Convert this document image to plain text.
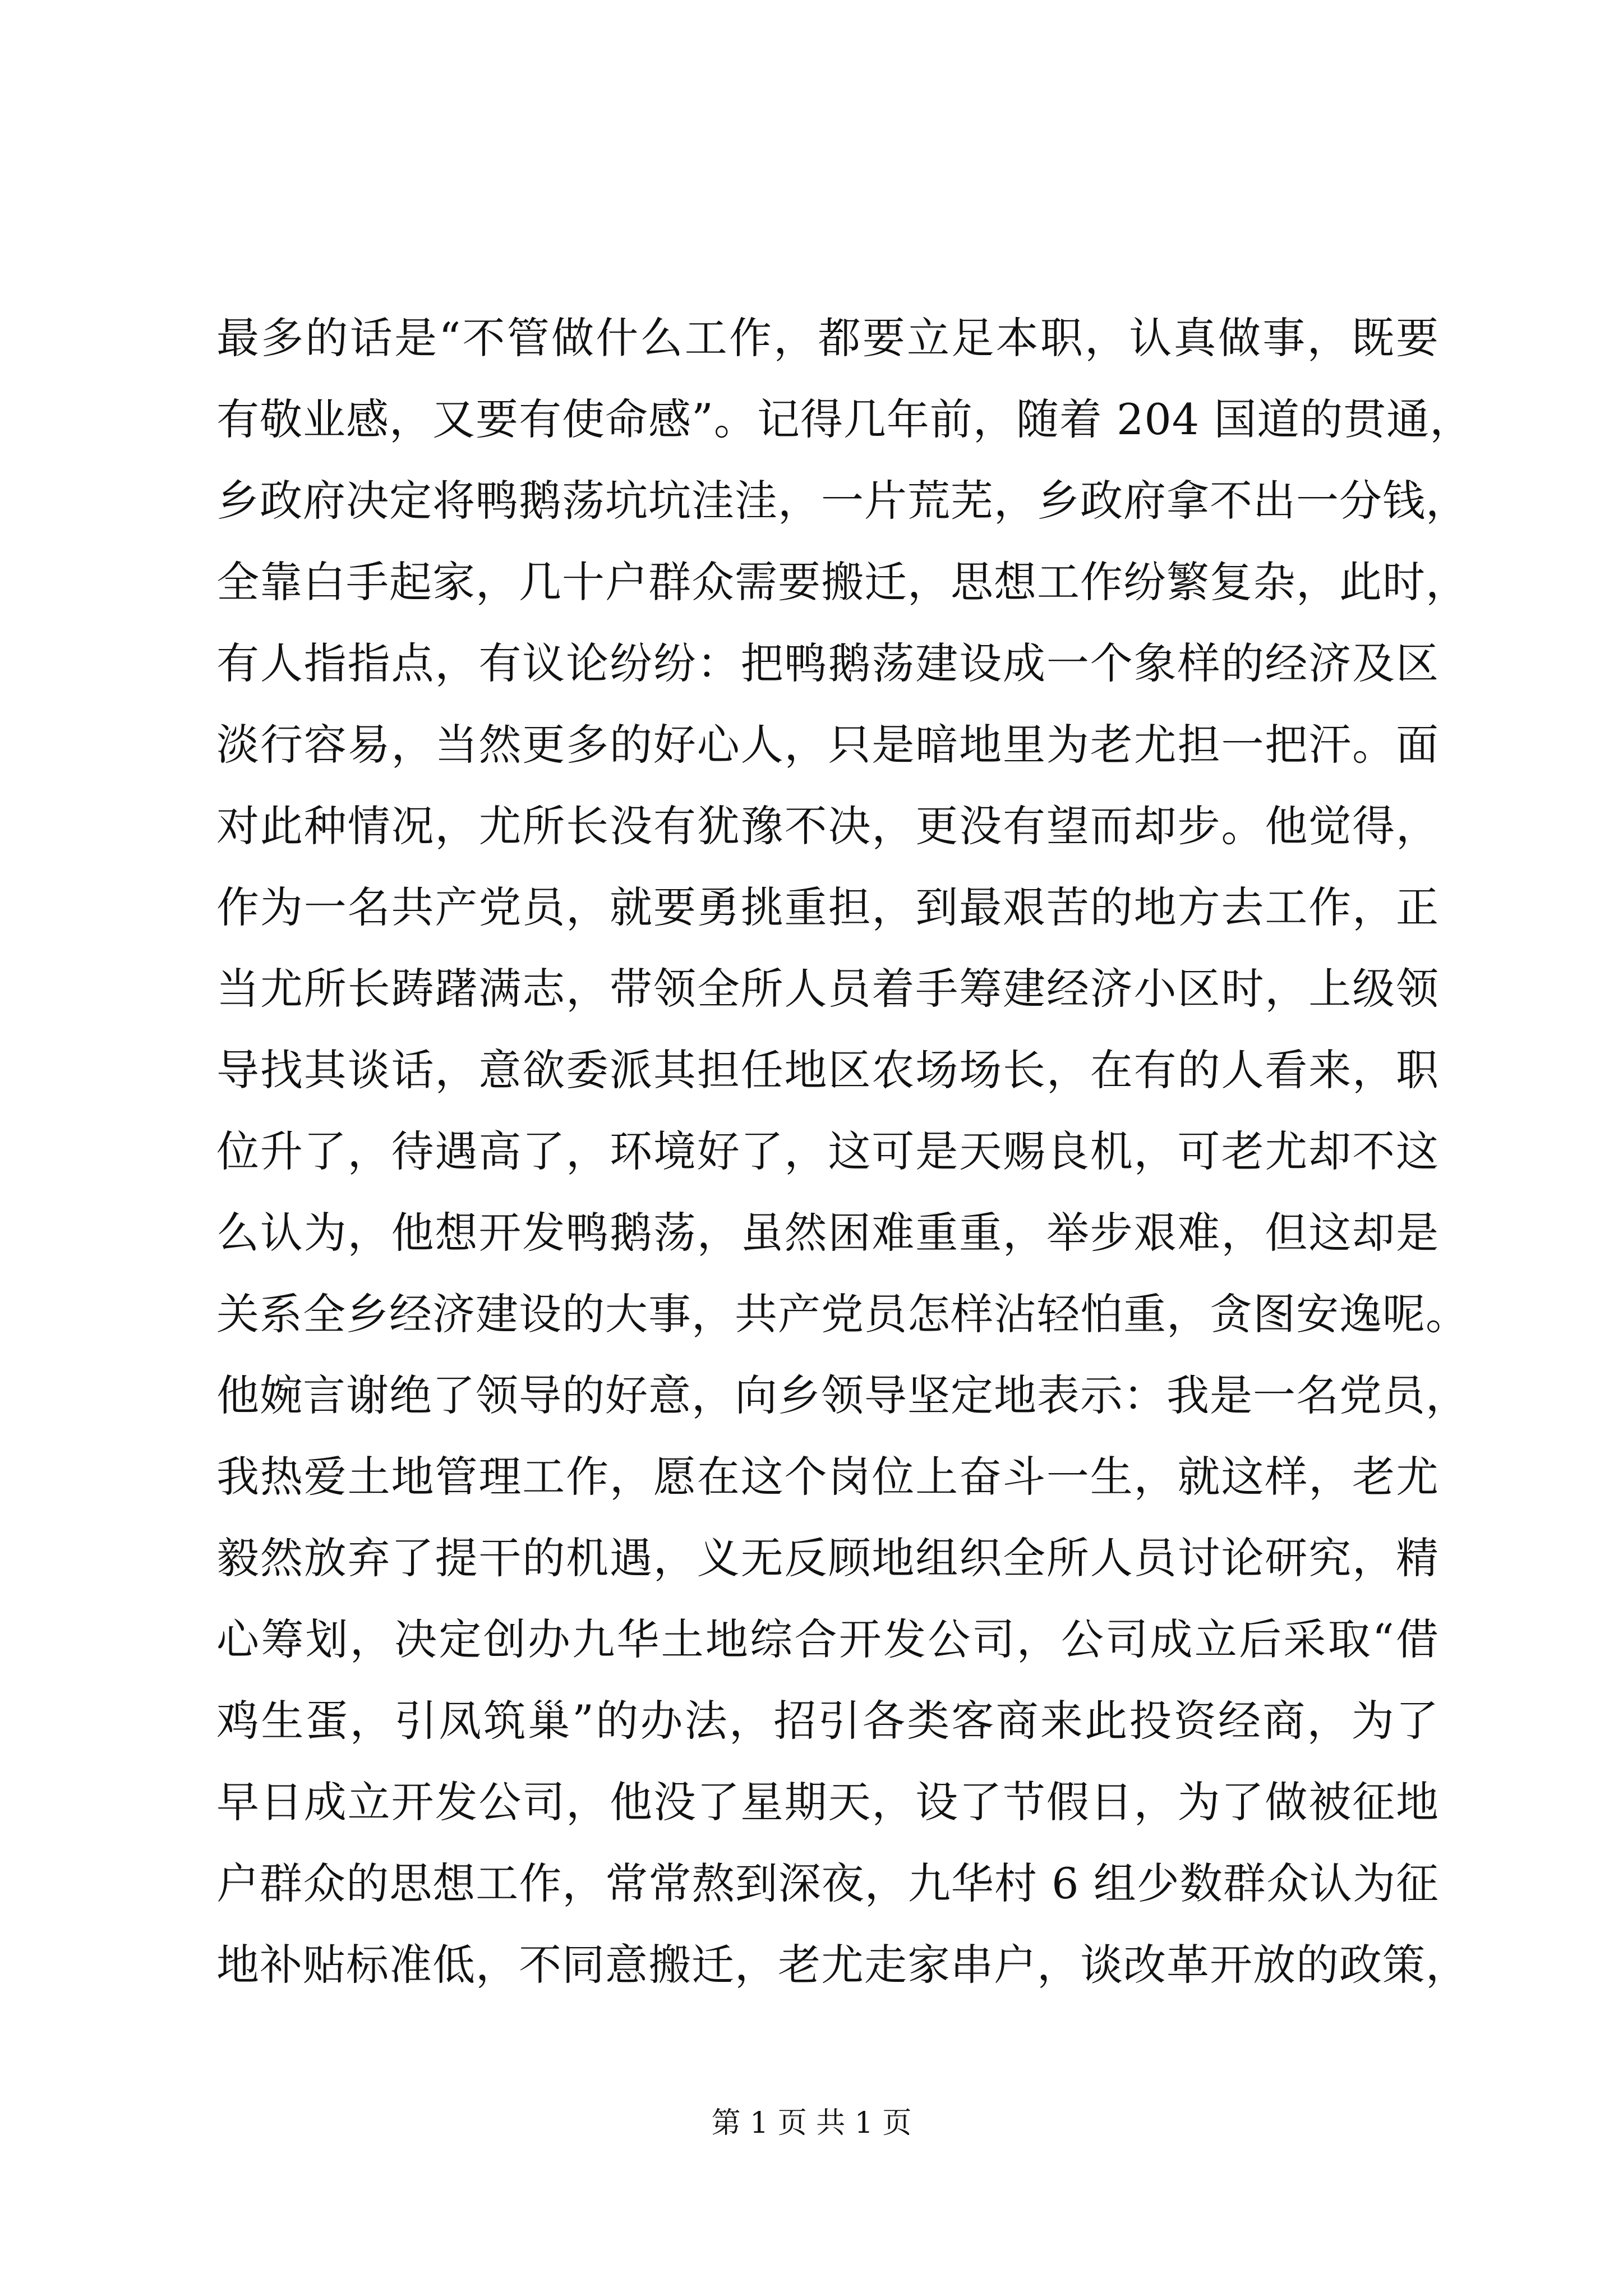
最多的话是“不管做什么工作，都要立足本职，认真做事，既要
有敬业感，又要有使命感”。记得几年前，随着 204 国道的贯通，
乡政府决定将鸭鹅荡坑坑洼洼，一片荒芜，乡政府拿不出一分钱，
全靠白手起家，几十户群众需要搬迁，思想工作纷繁复杂，此时，
有人指指点，有议论纷纷：把鸭鹅荡建设成一个象样的经济及区
淡行容易，当然更多的好心人，只是暗地里为老尤担一把汗。面
对此种情况，尤所长没有犹豫不决，更没有望而却步。他觉得，
作为一名共产党员，就要勇挑重担，到最艰苦的地方去工作，正
当尤所长踌躇满志，带领全所人员着手筹建经济小区时，上级领
导找其谈话，意欲委派其担任地区农场场长，在有的人看来，职
位升了，待遇高了，环境好了，这可是天赐良机，可老尤却不这
么认为，他想开发鸭鹅荡，虽然困难重重，举步艰难，但这却是
关系全乡经济建设的大事，共产党员怎样沾轻怕重，贪图安逸呢。
他婉言谢绝了领导的好意，向乡领导坚定地表示：我是一名党员，
我热爱土地管理工作，愿在这个岗位上奋斗一生，就这样，老尤
毅然放弃了提干的机遇，义无反顾地组织全所人员讨论研究，精
心筹划，决定创办九华土地综合开发公司，公司成立后采取“借
鸡生蛋，引凤筑巢”的办法，招引各类客商来此投资经商，为了
早日成立开发公司，他没了星期天，设了节假日，为了做被征地
户群众的思想工作，常常熬到深夜，九华村 6 组少数群众认为征
地补贴标准低，不同意搬迁，老尤走家串户，谈改革开放的政策，
第 1 页 共 1 页
